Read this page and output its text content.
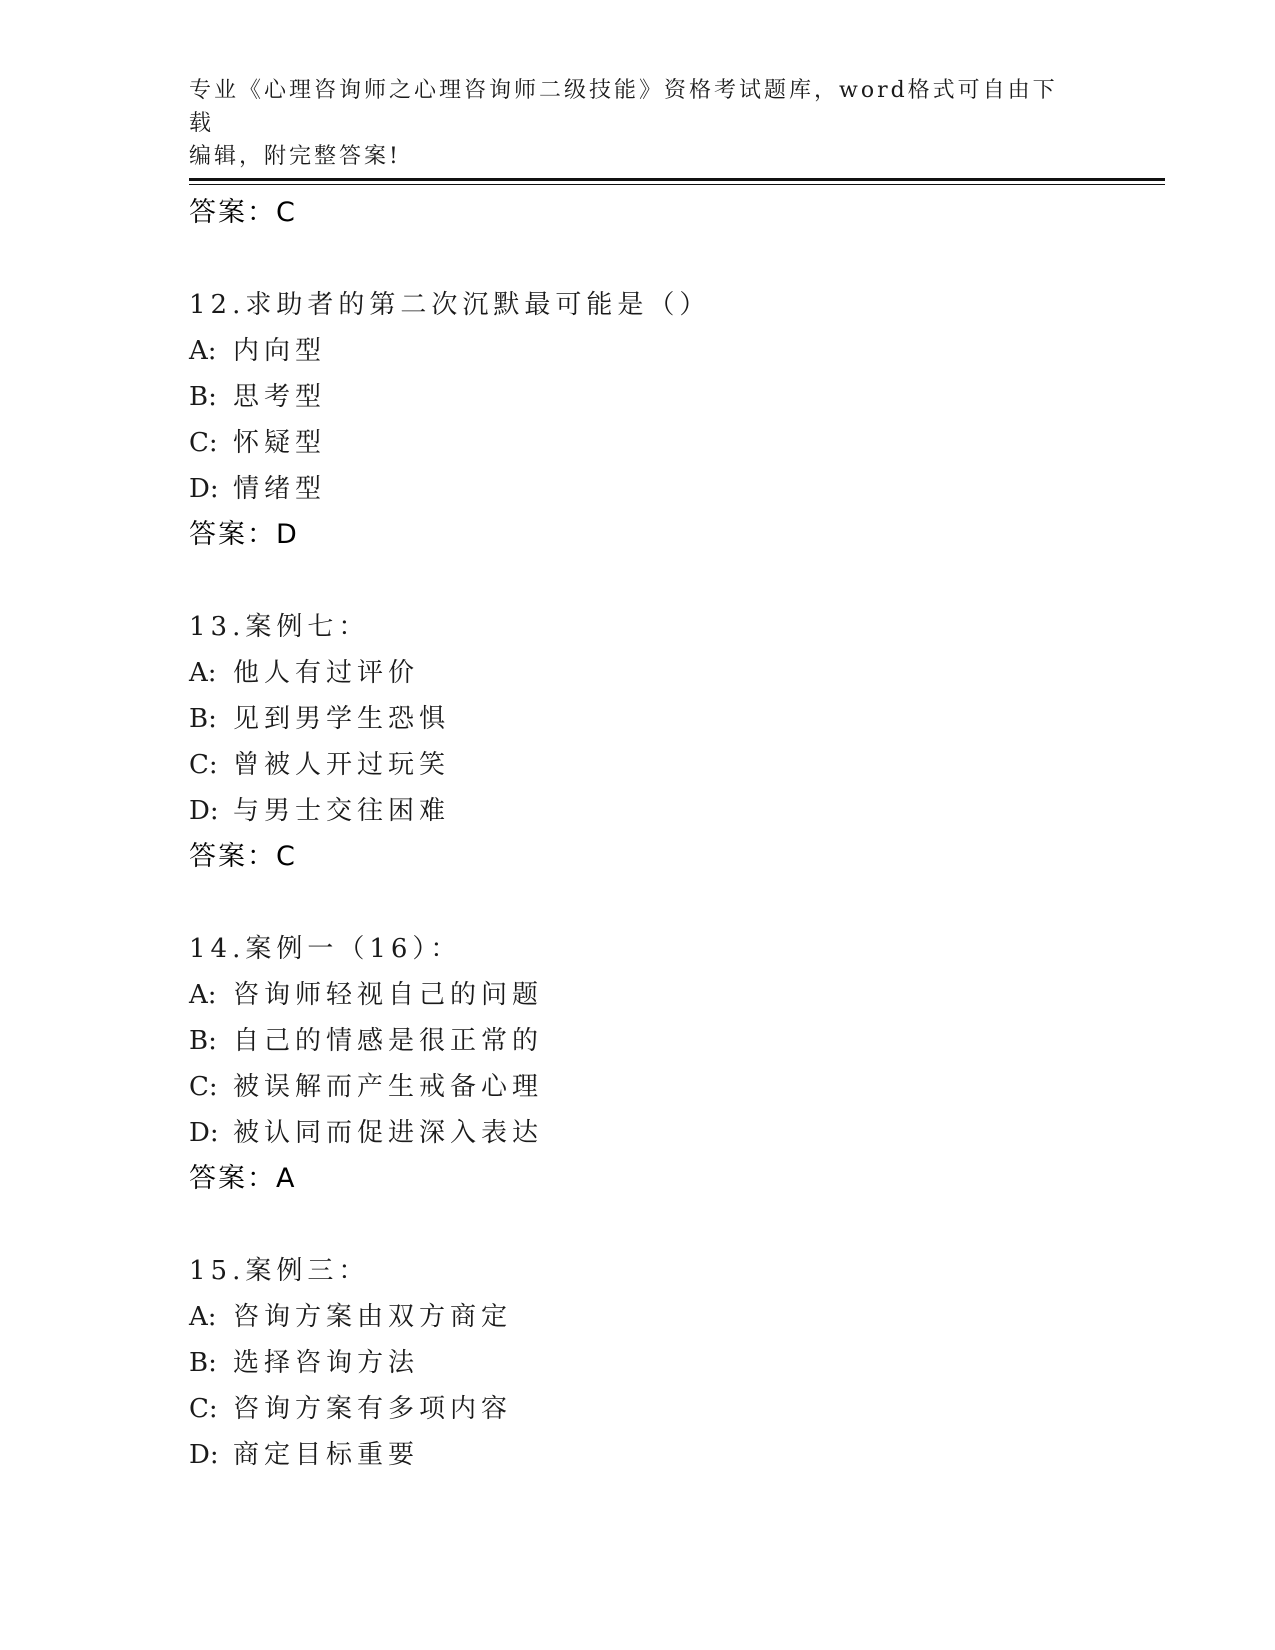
专业《心理咨询师之心理咨询师二级技能》资格考试题库，word格式可自由下载
编辑，附完整答案!
答案：C
12.求助者的第二次沉默最可能是（）
A: 内向型
B: 思考型
C: 怀疑型
D: 情绪型
答案：D
13.案例七：
A: 他人有过评价
B: 见到男学生恐惧
C: 曾被人开过玩笑
D: 与男士交往困难
答案：C
14.案例一（16）：
A: 咨询师轻视自己的问题
B: 自己的情感是很正常的
C: 被误解而产生戒备心理
D: 被认同而促进深入表达
答案：A
15.案例三：
A: 咨询方案由双方商定
B: 选择咨询方法
C: 咨询方案有多项内容
D: 商定目标重要
